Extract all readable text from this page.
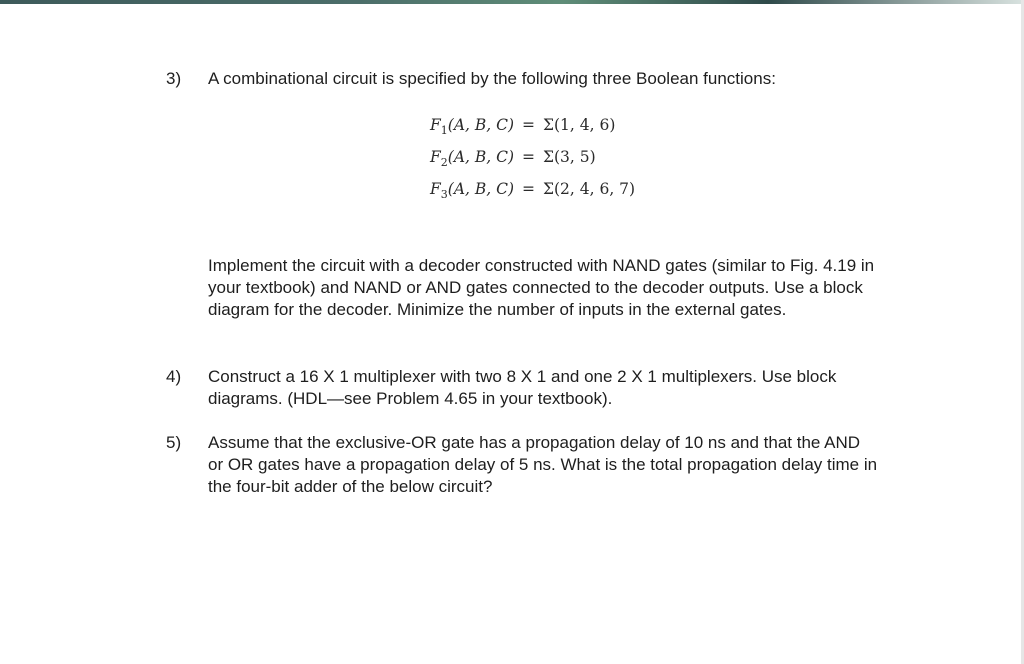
3) A combinational circuit is specified by the following three Boolean functions:
$F_1(A$, B, C) = Σ(1, 4, 6)
$F_2(A$, B, C) = Σ(3, 5)
$F_3(A$, B, C) = Σ(2, 4, 6, 7)
Implement the circuit with a decoder constructed with NAND gates (similar to Fig. 4.19 in your textbook) and NAND or AND gates connected to the decoder outputs. Use a block diagram for the decoder. Minimize the number of inputs in the external gates.
4) Construct a 16 X 1 multiplexer with two 8 X 1 and one 2 X 1 multiplexers. Use block diagrams. (HDL—see Problem 4.65 in your textbook).
5) Assume that the exclusive-OR gate has a propagation delay of 10 ns and that the AND or OR gates have a propagation delay of 5 ns. What is the total propagation delay time in the four-bit adder of the below circuit?
